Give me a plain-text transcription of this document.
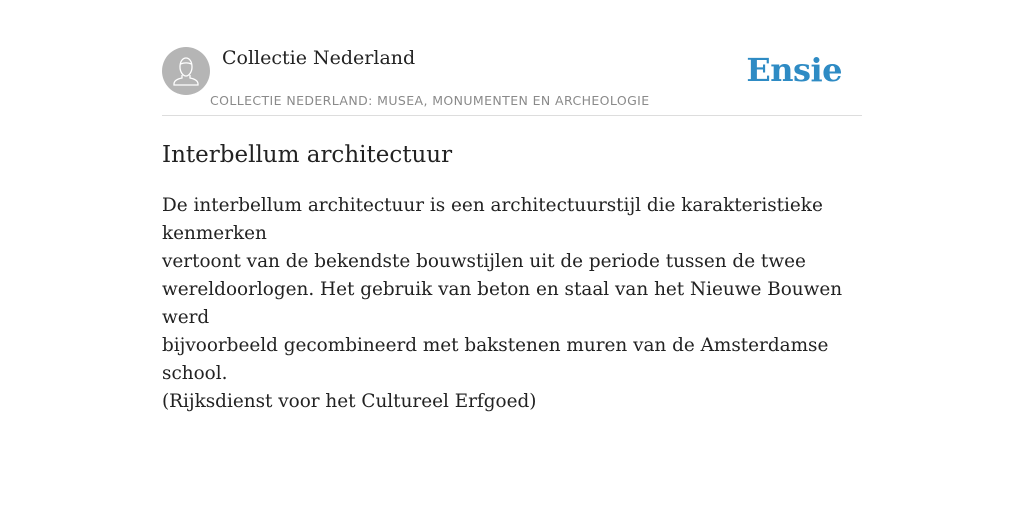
Collectie Nederland
COLLECTIE NEDERLAND: MUSEA, MONUMENTEN EN ARCHEOLOGIE
Ensie
Interbellum architectuur

De interbellum architectuur is een architectuurstijl die karakteristieke kenmerken
vertoont van de bekendste bouwstijlen uit de periode tussen de twee
wereldoorlogen. Het gebruik van beton en staal van het Nieuwe Bouwen werd
bijvoorbeeld gecombineerd met bakstenen muren van de Amsterdamse school.
(Rijksdienst voor het Cultureel Erfgoed)
